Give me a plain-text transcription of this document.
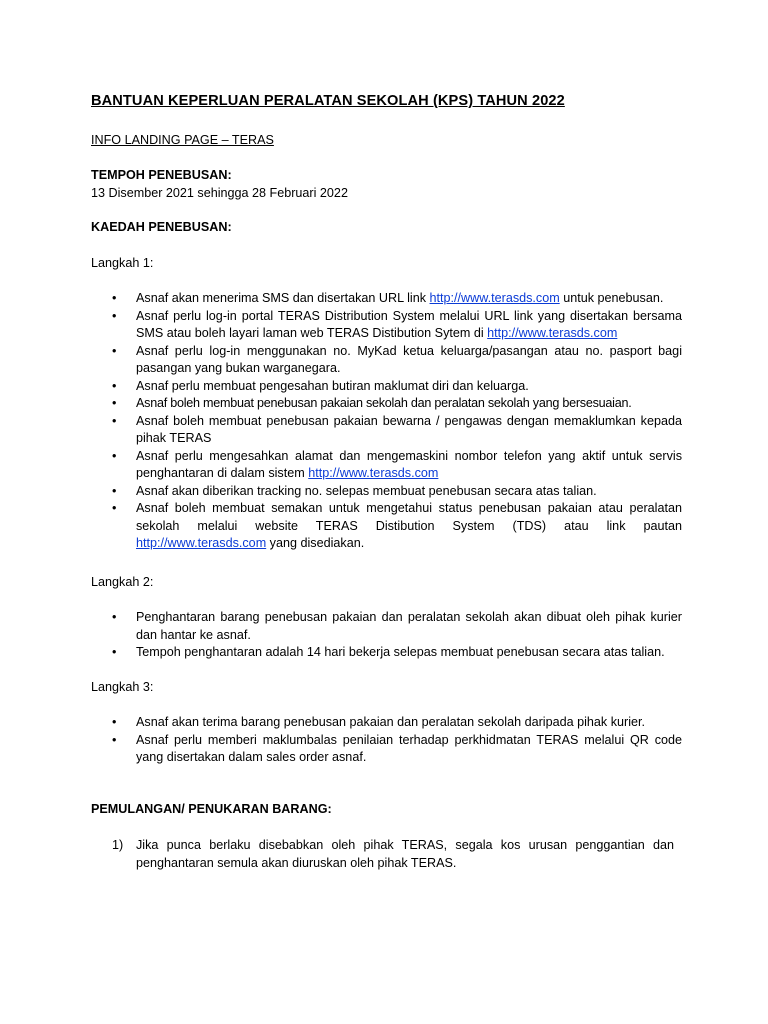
BANTUAN KEPERLUAN PERALATAN SEKOLAH (KPS) TAHUN 2022
INFO LANDING PAGE – TERAS
TEMPOH PENEBUSAN:
13 Disember 2021 sehingga 28 Februari 2022
KAEDAH PENEBUSAN:
Langkah 1:
• Asnaf akan menerima SMS dan disertakan URL link http://www.terasds.com untuk penebusan.
• Asnaf perlu log-in portal TERAS Distribution System melalui URL link yang disertakan bersama SMS atau boleh layari laman web TERAS Distibution Sytem di http://www.terasds.com
• Asnaf perlu log-in menggunakan no. MyKad ketua keluarga/pasangan atau no. pasport bagi pasangan yang bukan warganegara.
• Asnaf perlu membuat pengesahan butiran maklumat diri dan keluarga.
• Asnaf boleh membuat penebusan pakaian sekolah dan peralatan sekolah yang bersesuaian.
• Asnaf boleh membuat penebusan pakaian bewarna / pengawas dengan memaklumkan kepada pihak TERAS
• Asnaf perlu mengesahkan alamat dan mengemaskini nombor telefon yang aktif untuk servis penghantaran di dalam sistem http://www.terasds.com
• Asnaf akan diberikan tracking no. selepas membuat penebusan secara atas talian.
• Asnaf boleh membuat semakan untuk mengetahui status penebusan pakaian atau peralatan sekolah melalui website TERAS Distibution System (TDS) atau link pautan http://www.terasds.com yang disediakan.
Langkah 2:
• Penghantaran barang penebusan pakaian dan peralatan sekolah akan dibuat oleh pihak kurier dan hantar ke asnaf.
• Tempoh penghantaran adalah 14 hari bekerja selepas membuat penebusan secara atas talian.
Langkah 3:
• Asnaf akan terima barang penebusan pakaian dan peralatan sekolah daripada pihak kurier.
• Asnaf perlu memberi maklumbalas penilaian terhadap perkhidmatan TERAS melalui QR code yang disertakan dalam sales order asnaf.
PEMULANGAN/ PENUKARAN BARANG:
1) Jika punca berlaku disebabkan oleh pihak TERAS, segala kos urusan penggantian dan penghantaran semula akan diuruskan oleh pihak TERAS.
